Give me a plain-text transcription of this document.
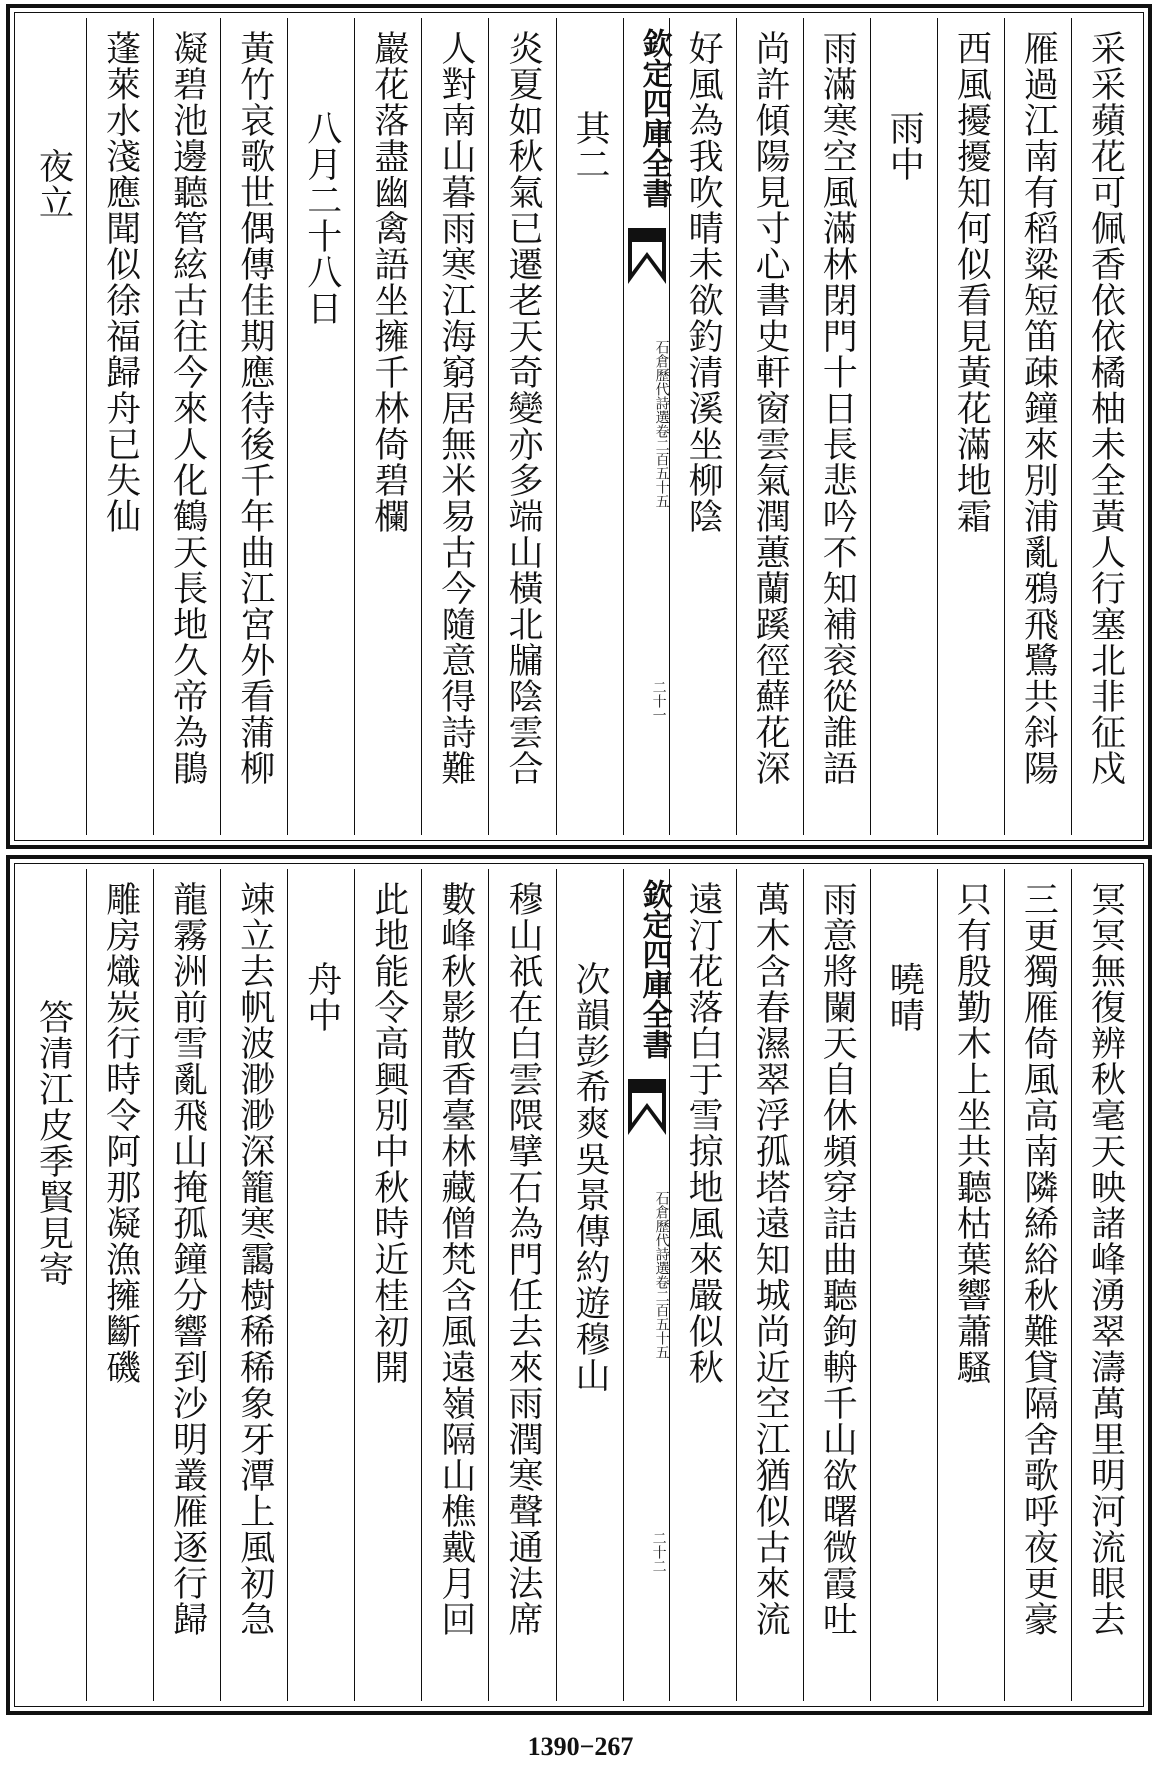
采采蘋花可佩香依依橘柚未全黃人行塞北非征戍
雁過江南有稻粱短笛疎鐘來別浦亂鴉飛鷺共斜陽
西風擾擾知何似看見黃花滿地霜
雨中
雨滿寒空風滿林閉門十日長悲吟不知補衮從誰語
尚許傾陽見寸心書史軒窗雲氣潤蕙蘭蹊徑蘚花深
好風為我吹晴未欲釣清溪坐柳陰
欽定四庫全書
石倉歷代詩選卷二百五十五
二十一
其二
炎夏如秋氣已遷老天奇變亦多端山橫北牖陰雲合
人對南山暮雨寒江海窮居無米易古今隨意得詩難
巖花落盡幽禽語坐擁千林倚碧欄
八月二十八日
黃竹哀歌世偶傳佳期應待後千年曲江宮外看蒲柳
凝碧池邊聽管絃古往今來人化鶴天長地久帝為鵑
蓬萊水淺應聞似徐福歸舟已失仙
夜立
冥冥無復辨秋毫天映諸峰湧翠濤萬里明河流眼去
三更獨雁倚風高南隣絺綌秋難貸隔舍歌呼夜更豪
只有殷勤木上坐共聽枯葉響蕭騷
曉晴
雨意將闌天自休頻穿詰曲聽鉤輈千山欲曙微霞吐
萬木含春濕翠浮孤塔遠知城尚近空江猶似古來流
遠汀花落白于雪掠地風來嚴似秋
欽定四庫全書
石倉歷代詩選卷二百五十五
二十二
次韻彭希爽吳景傳約遊穆山
穆山祇在白雲隈擘石為門任去來雨潤寒聲通法席
數峰秋影散香臺林藏僧梵含風遠嶺隔山樵戴月回
此地能令高興別中秋時近桂初開
舟中
竦立去帆波渺渺深籠寒靄樹稀稀象牙潭上風初急
龍霧洲前雪亂飛山掩孤鐘分響到沙明叢雁逐行歸
雕房熾炭行時令阿那凝漁擁斷磯
答清江皮季賢見寄
1390−267
